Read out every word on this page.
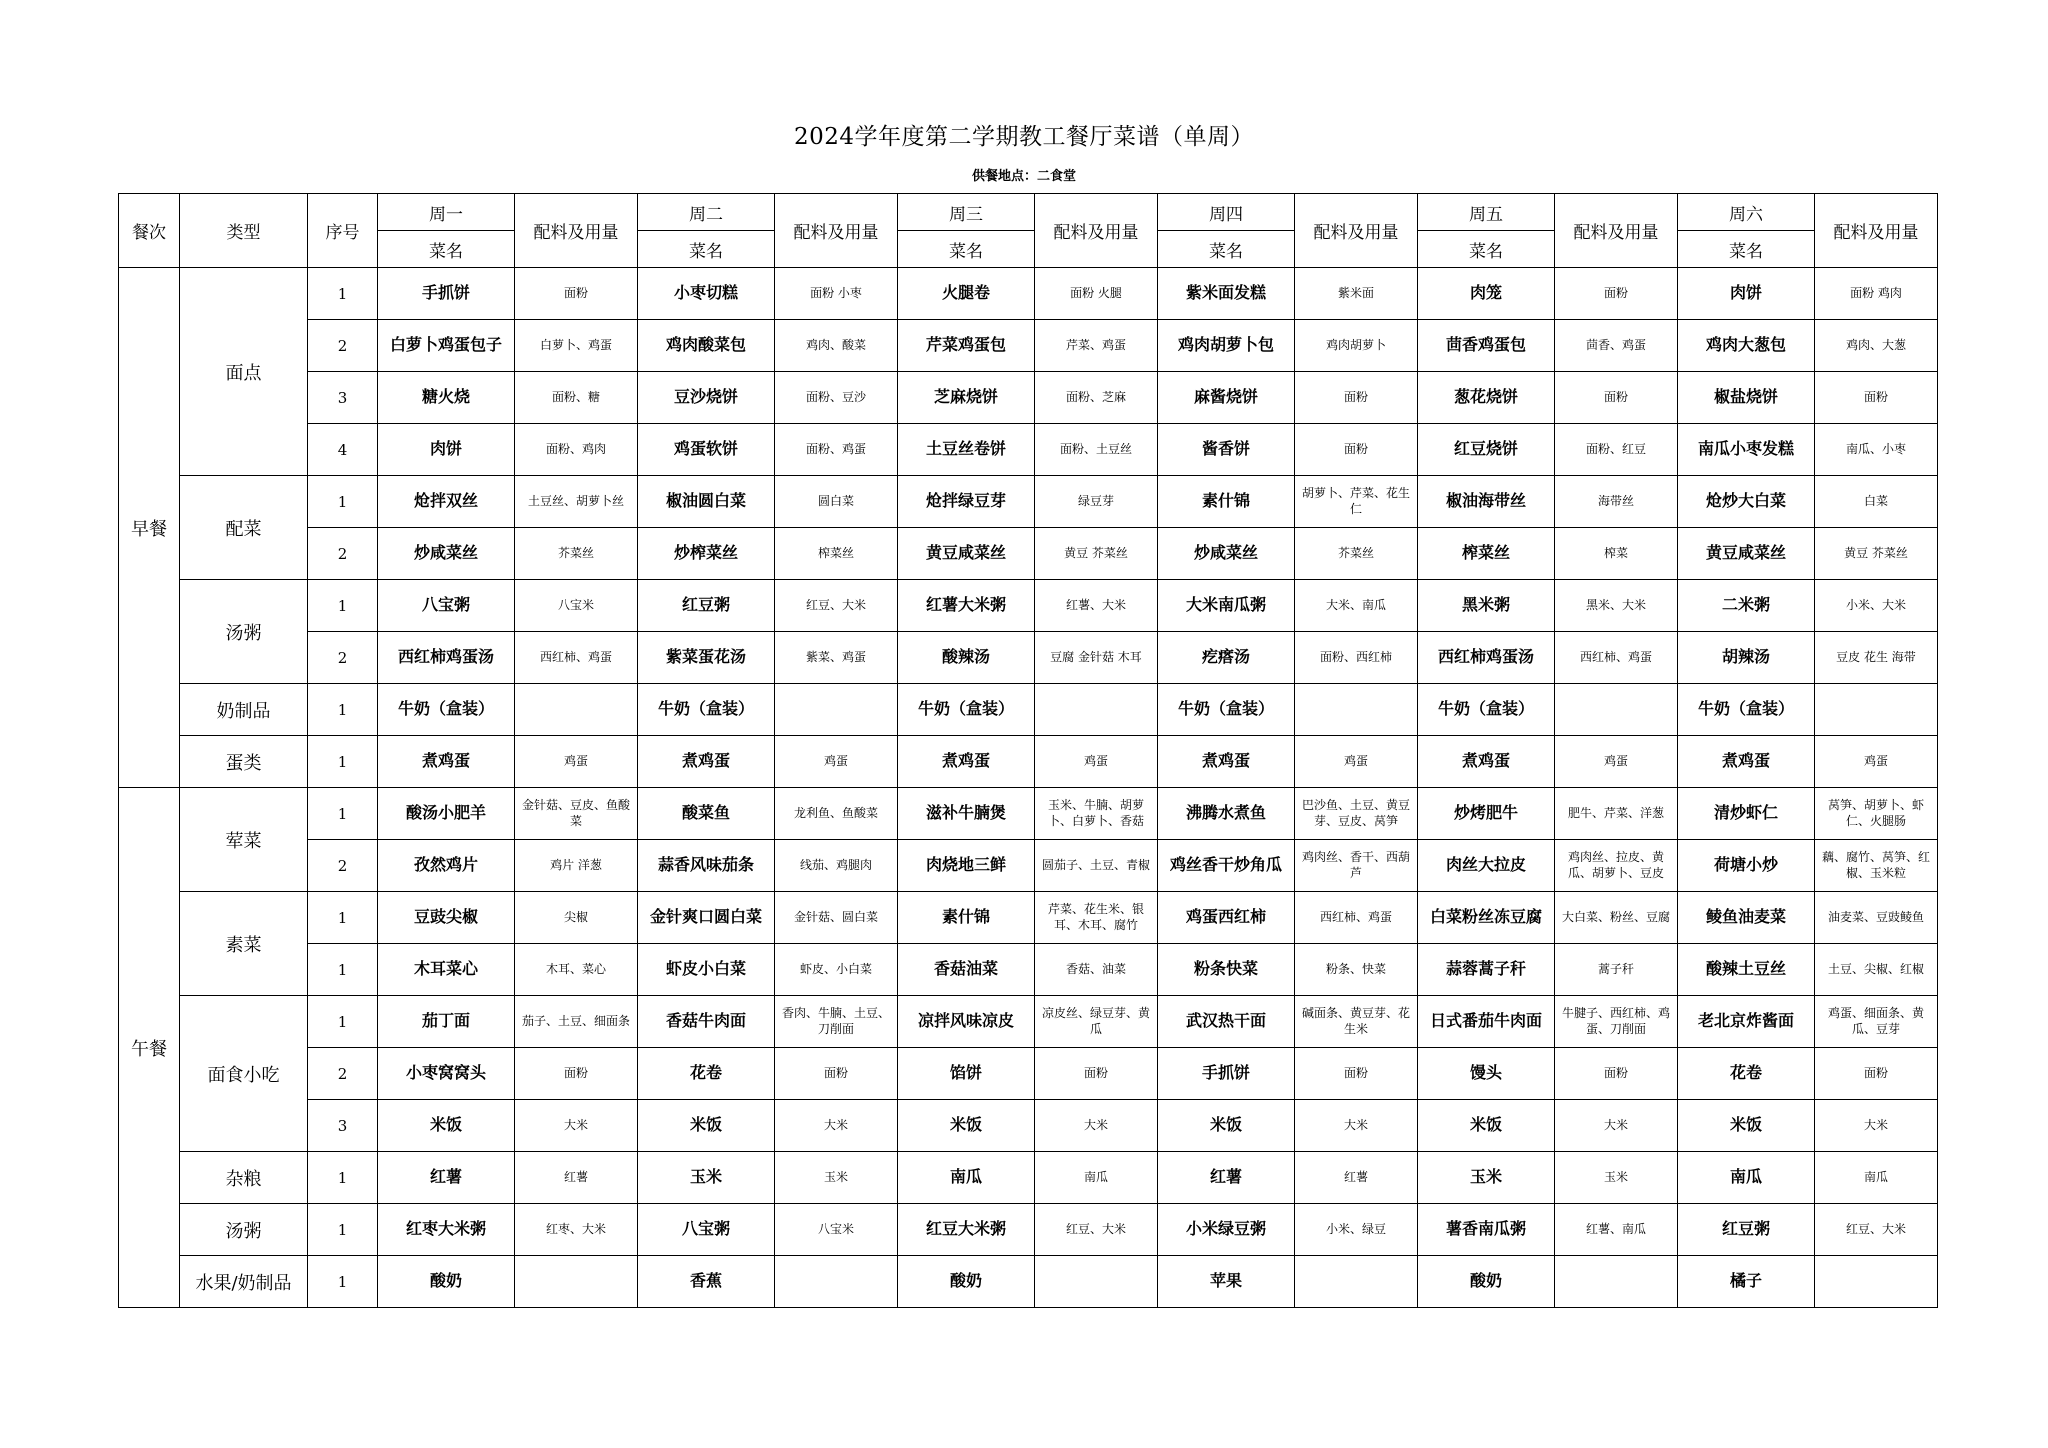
2024学年度第二学期教工餐厅菜谱（单周）
供餐地点：二食堂
餐次	类型	序号	周一	配料及用量	周二	配料及用量	周三	配料及用量	周四	配料及用量	周五	配料及用量	周六	配料及用量
			菜名		菜名		菜名		菜名		菜名		菜名	
早餐	面点	1	手抓饼	面粉	小枣切糕	面粉 小枣	火腿卷	面粉 火腿	紫米面发糕	紫米面	肉笼	面粉	肉饼	面粉 鸡肉
		2	白萝卜鸡蛋包子	白萝卜、鸡蛋	鸡肉酸菜包	鸡肉、酸菜	芹菜鸡蛋包	芹菜、鸡蛋	鸡肉胡萝卜包	鸡肉胡萝卜	茴香鸡蛋包	茴香、鸡蛋	鸡肉大葱包	鸡肉、大葱
		3	糖火烧	面粉、糖	豆沙烧饼	面粉、豆沙	芝麻烧饼	面粉、芝麻	麻酱烧饼	面粉	葱花烧饼	面粉	椒盐烧饼	面粉
		4	肉饼	面粉、鸡肉	鸡蛋软饼	面粉、鸡蛋	土豆丝卷饼	面粉、土豆丝	酱香饼	面粉	红豆烧饼	面粉、红豆	南瓜小枣发糕	南瓜、小枣
	配菜	1	炝拌双丝	土豆丝、胡萝卜丝	椒油圆白菜	圆白菜	炝拌绿豆芽	绿豆芽	素什锦	胡萝卜、芹菜、花生仁	椒油海带丝	海带丝	炝炒大白菜	白菜
		2	炒咸菜丝	芥菜丝	炒榨菜丝	榨菜丝	黄豆咸菜丝	黄豆 芥菜丝	炒咸菜丝	芥菜丝	榨菜丝	榨菜	黄豆咸菜丝	黄豆 芥菜丝
	汤粥	1	八宝粥	八宝米	红豆粥	红豆、大米	红薯大米粥	红薯、大米	大米南瓜粥	大米、南瓜	黑米粥	黑米、大米	二米粥	小米、大米
		2	西红柿鸡蛋汤	西红柿、鸡蛋	紫菜蛋花汤	紫菜、鸡蛋	酸辣汤	豆腐 金针菇 木耳	疙瘩汤	面粉、西红柿	西红柿鸡蛋汤	西红柿、鸡蛋	胡辣汤	豆皮 花生 海带
	奶制品	1	牛奶（盒装）		牛奶（盒装）		牛奶（盒装）		牛奶（盒装）		牛奶（盒装）		牛奶（盒装）	
	蛋类	1	煮鸡蛋	鸡蛋	煮鸡蛋	鸡蛋	煮鸡蛋	鸡蛋	煮鸡蛋	鸡蛋	煮鸡蛋	鸡蛋	煮鸡蛋	鸡蛋
午餐	荤菜	1	酸汤小肥羊	金针菇、豆皮、鱼酸菜	酸菜鱼	龙利鱼、鱼酸菜	滋补牛腩煲	玉米、牛腩、胡萝卜、白萝卜、香菇	沸腾水煮鱼	巴沙鱼、土豆、黄豆芽、豆皮、莴笋	炒烤肥牛	肥牛、芹菜、洋葱	清炒虾仁	莴笋、胡萝卜、虾仁、火腿肠
		2	孜然鸡片	鸡片 洋葱	蒜香风味茄条	线茄、鸡腿肉	肉烧地三鲜	圆茄子、土豆、青椒	鸡丝香干炒角瓜	鸡肉丝、香干、西葫芦	肉丝大拉皮	鸡肉丝、拉皮、黄瓜、胡萝卜、豆皮	荷塘小炒	藕、腐竹、莴笋、红椒、玉米粒
	素菜	1	豆豉尖椒	尖椒	金针爽口圆白菜	金针菇、圆白菜	素什锦	芹菜、花生米、银耳、木耳、腐竹	鸡蛋西红柿	西红柿、鸡蛋	白菜粉丝冻豆腐	大白菜、粉丝、豆腐	鲮鱼油麦菜	油麦菜、豆豉鲮鱼
		1	木耳菜心	木耳、菜心	虾皮小白菜	虾皮、小白菜	香菇油菜	香菇、油菜	粉条快菜	粉条、快菜	蒜蓉蒿子秆	蒿子秆	酸辣土豆丝	土豆、尖椒、红椒
	面食小吃	1	茄丁面	茄子、土豆、细面条	香菇牛肉面	香肉、牛腩、土豆、刀削面	凉拌风味凉皮	凉皮丝、绿豆芽、黄瓜	武汉热干面	碱面条、黄豆芽、花生米	日式番茄牛肉面	牛腱子、西红柿、鸡蛋、刀削面	老北京炸酱面	鸡蛋、细面条、黄瓜、豆芽
		2	小枣窝窝头	面粉	花卷	面粉	馅饼	面粉	手抓饼	面粉	馒头	面粉	花卷	面粉
		3	米饭	大米	米饭	大米	米饭	大米	米饭	大米	米饭	大米	米饭	大米
	杂粮	1	红薯	红薯	玉米	玉米	南瓜	南瓜	红薯	红薯	玉米	玉米	南瓜	南瓜
	汤粥	1	红枣大米粥	红枣、大米	八宝粥	八宝米	红豆大米粥	红豆、大米	小米绿豆粥	小米、绿豆	薯香南瓜粥	红薯、南瓜	红豆粥	红豆、大米
	水果/奶制品	1	酸奶		香蕉		酸奶		苹果		酸奶		橘子	
